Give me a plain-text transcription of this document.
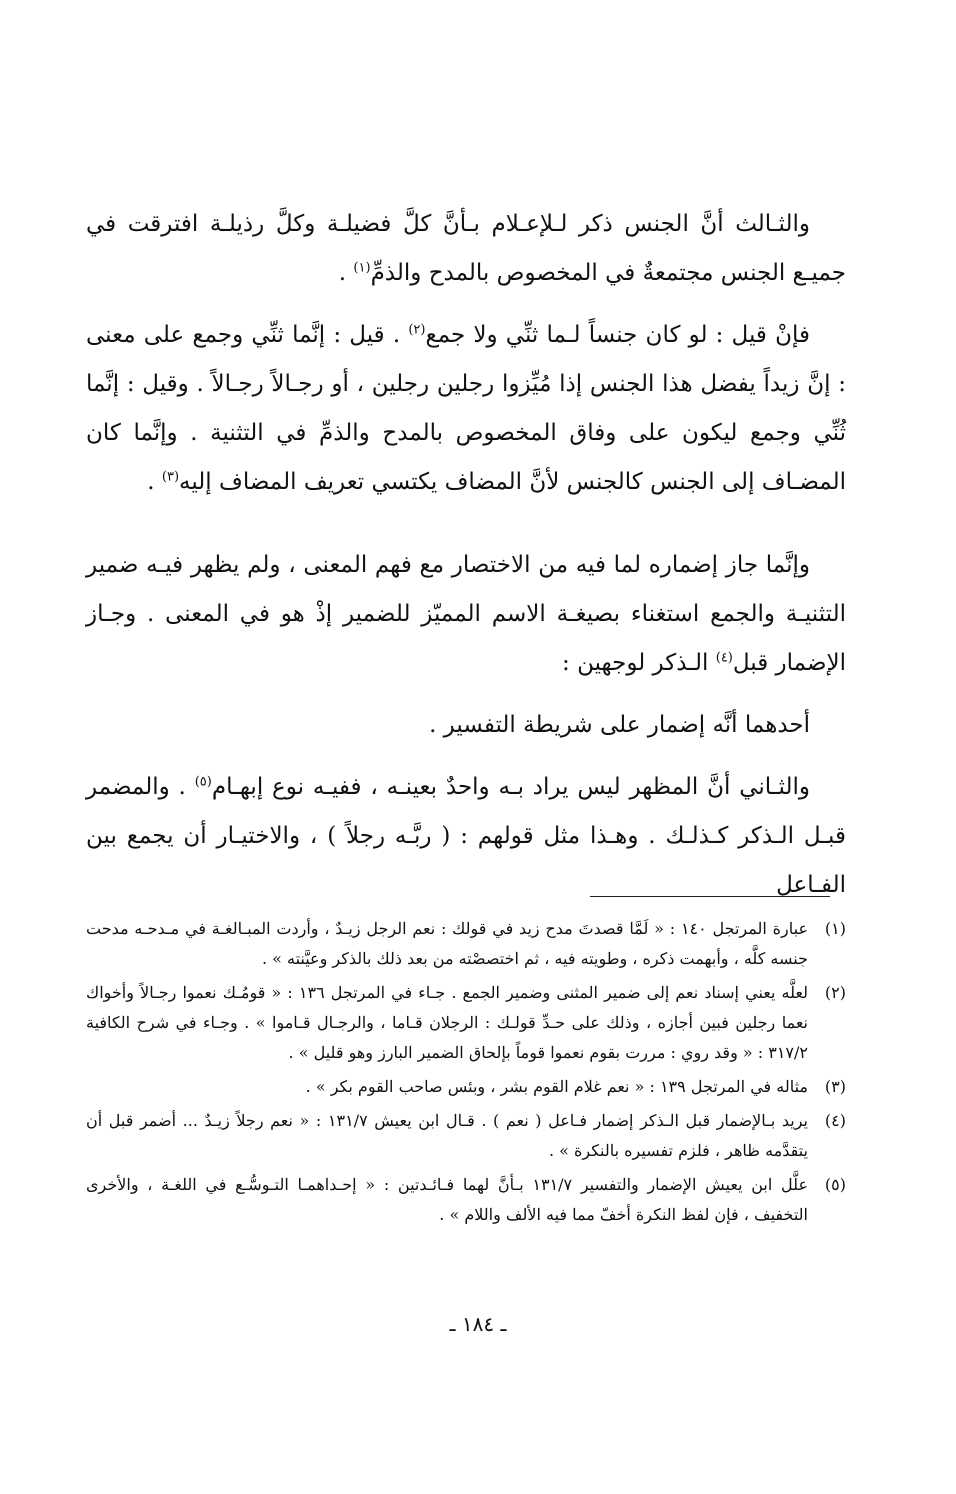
والثـالث أنَّ الجنس ذكر لـلإعـلام بـأنَّ كلَّ فضيلـة وكلَّ رذيلـة افترقت في جميـع الجنس مجتمعةٌ في المخصوص بالمدح والذمِّ$^{(١)}$ .

فإنْ قيل : لو كان جنساً لـما ثنِّي ولا جمع$^{(٢)}$ . قيل : إنَّما ثنِّي وجمع على معنى : إنَّ زيداً يفضل هذا الجنس إذا مُيِّزوا رجلين رجلين ، أو رجـالاً رجـالاً . وقيل : إنَّما ثُنِّي وجمع ليكون على وفاق المخصوص بالمدح والذمِّ في التثنية . وإنَّما كان المضـاف إلى الجنس كالجنس لأنَّ المضاف يكتسي تعريف المضاف إليه$^{(٣)}$ .

وإنَّما جاز إضماره لما فيه من الاختصار مع فهم المعنى ، ولم يظهر فيـه ضمير التثنيـة والجمع استغناء بصيغـة الاسم المميّز للضمير إذْ هو في المعنى . وجـاز الإضمار قبل$^{(٤)}$ الـذكر لوجهين :

أحدهما أنَّه إضمار على شريطة التفسير .

والثـاني أنَّ المظهر ليس يراد بـه واحدٌ بعينـه ، ففيـه نوع إبهـام$^{(٥)}$ . والمضمر قبـل الـذكر كـذلـك . وهـذا مثل قولهم : ( ربَّـه رجلاً ) ، والاختيـار أن يجمع بين الفـاعل

(١)
عبارة المرتجل ١٤٠ : « لَمَّا قصدتَ مدح زيد في قولك : نعم الرجل زيـدٌ ، وأردت المبـالغـة في مـدحـه مدحت جنسه كلَّه ، وأبهمت ذكره ، وطويته فيه ، ثم اختصصْته من بعد ذلك بالذكر وعيَّنته » .
(٢)
لعلَّه يعني إسناد نعم إلى ضمير المثنى وضمير الجمع . جـاء في المرتجل ١٣٦ : « قومُـك نعموا رجـالاً وأخواك نعما رجلين فبين أجازه ، وذلك على حـدِّ قولـك : الرجلان قـاما ، والرجـال قـاموا » . وجـاء في شرح الكافية ٣١٧/٢ : « وقد روي : مررت بقوم نعموا قوماً بإلحاق الضمير البارز وهو قليل » .
(٣)
مثاله في المرتجل ١٣٩ : « نعم غلام القوم بشر ، وبئس صاحب القوم بكر » .
(٤)
يريد بـالإضمار قبل الـذكر إضمار فـاعل ( نعم ) . قـال ابن يعيش ١٣١/٧ : « نعم رجلاً زيـدٌ ... أضمر قبل أن يتقدَّمه ظاهر ، فلزم تفسيره بالنكرة » .
(٥)
علَّل ابن يعيش الإضمار والتفسير ١٣١/٧ بـأنَّ لهما فـائـدتين : « إحـداهمـا التـوسُّـع في اللغـة ، والأخرى التخفيف ، فإن لفظ النكرة أخفّ مما فيه الألف واللام » .
ـ ١٨٤ ـ
